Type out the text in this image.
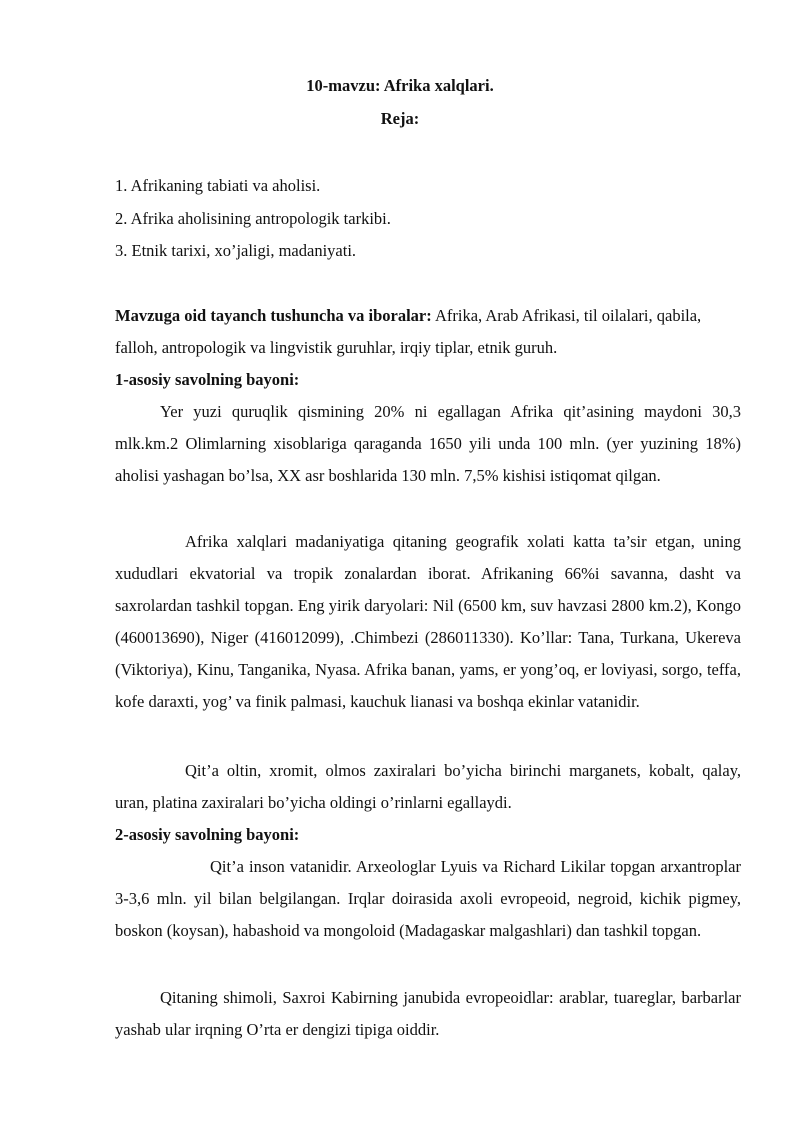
10-mavzu: Afrika xalqlari.
Reja:
1. Afrikaning tabiati va aholisi.
2. Afrika aholisining antropologik tarkibi.
3. Etnik tarixi, xo’jaligi, madaniyati.

Mavzuga oid tayanch tushuncha va iboralar: Afrika, Arab Afrikasi, til oilalari, qabila, falloh, antropologik va lingvistik guruhlar, irqiy tiplar, etnik guruh.

1-asosiy savolning bayoni:

Yer yuzi quruqlik qismining 20% ni egallagan Afrika qit’asining maydoni 30,3 mlk.km.2 Olimlarning xisoblariga qaraganda 1650 yili unda 100 mln. (yer yuzining 18%) aholisi yashagan bo’lsa, XX asr boshlarida 130 mln. 7,5% kishisi istiqomat qilgan.

Afrika xalqlari madaniyatiga qitaning geografik xolati katta ta’sir etgan, uning xududlari ekvatorial va tropik zonalardan iborat. Afrikaning 66%i savanna, dasht va saxrolardan tashkil topgan. Eng yirik daryolari: Nil (6500 km, suv havzasi 2800 km.2), Kongo (460013690), Niger (416012099), .Chimbezi (286011330). Ko’llar: Tana, Turkana, Ukereva (Viktoriya), Kinu, Tanganika, Nyasa. Afrika banan, yams, er yong’oq, er loviyasi, sorgo, teffa, kofe daraxti, yog’ va finik palmasi, kauchuk lianasi va boshqa ekinlar vatanidir.

Qit’a oltin, xromit, olmos zaxiralari bo’yicha birinchi marganets, kobalt, qalay, uran, platina zaxiralari bo’yicha oldingi o’rinlarni egallaydi.

2-asosiy savolning bayoni:

Qit’a inson vatanidir. Arxeologlar Lyuis va Richard Likilar topgan arxantroplar 3-3,6 mln. yil bilan belgilangan. Irqlar doirasida axoli evropeoid, negroid, kichik pigmey, boskon (koysan), habashoid va mongoloid (Madagaskar malgashlari) dan tashkil topgan.

Qitaning shimoli, Saxroi Kabirning janubida evropeoidlar: arablar, tuareglar, barbarlar yashab ular irqning O’rta er dengizi tipiga oiddir.
